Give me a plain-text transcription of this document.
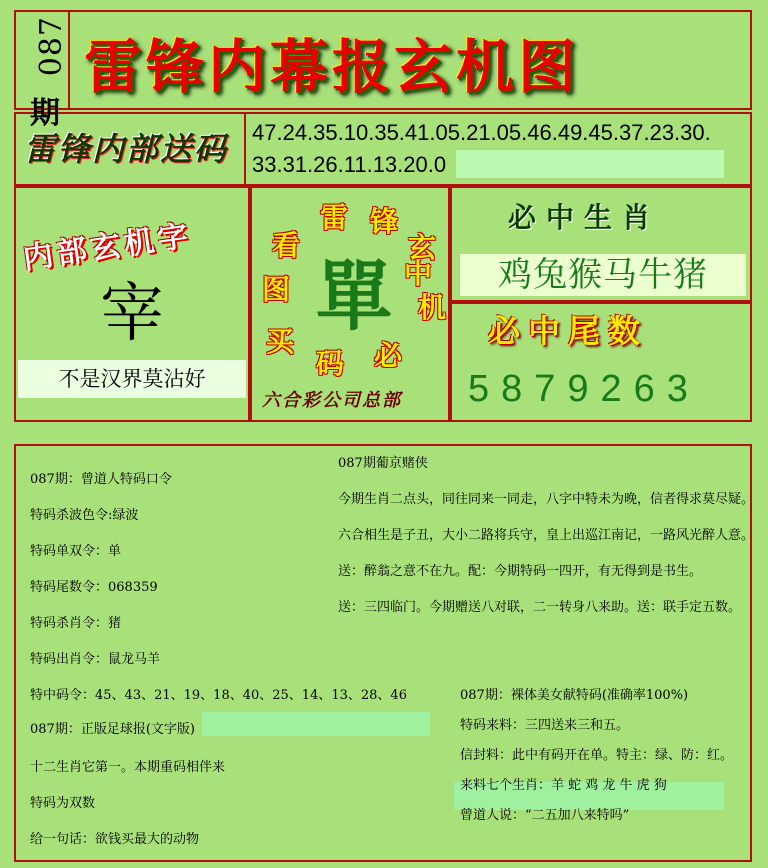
087
期
雷锋内幕报玄机图
雷锋内部送码 47.24.35.10.35.41.05.21.05.46.49.45.37.23.30.
33.31.26.11.13.20.0
内部玄机字
宰
不是汉界莫沾好
單
看
雷 锋
玄
机
图
买
码 必
中
六合彩公司总部
必中生肖
鸡兔猴马牛猪
必中尾数
5879263
087期：曾道人特码口令
特码杀波色令:绿波
特码单双令：单
特码尾数令：068359
特码杀肖令：猪
特码出肖令：鼠龙马羊
特中码令：45、43、21、19、18、40、25、14、13、28、46
087期：正版足球报(文字版)
十二生肖它第一。本期重码相伴来
特码为双数
给一句话：欲钱买最大的动物
087期葡京赌侠
今期生肖二点头，同往同来一同走，八字中特未为晚，信者得求莫尽疑。
六合相生是子丑，大小二路将兵守，皇上出巡江南记，一路风光醉人意。
送：醉翁之意不在九。配：今期特码一四开，有无得到是书生。
送：三四临门。今期赠送八对联，二一转身八来助。送：联手定五数。
087期：裸体美女献特码(准确率100%)
特码来料：三四送来三和五。
信封料：此中有码开在单。特主：绿、防：红。
来料七个生肖：羊 蛇 鸡 龙 牛 虎 狗
曾道人说：“二五加八来特吗”
